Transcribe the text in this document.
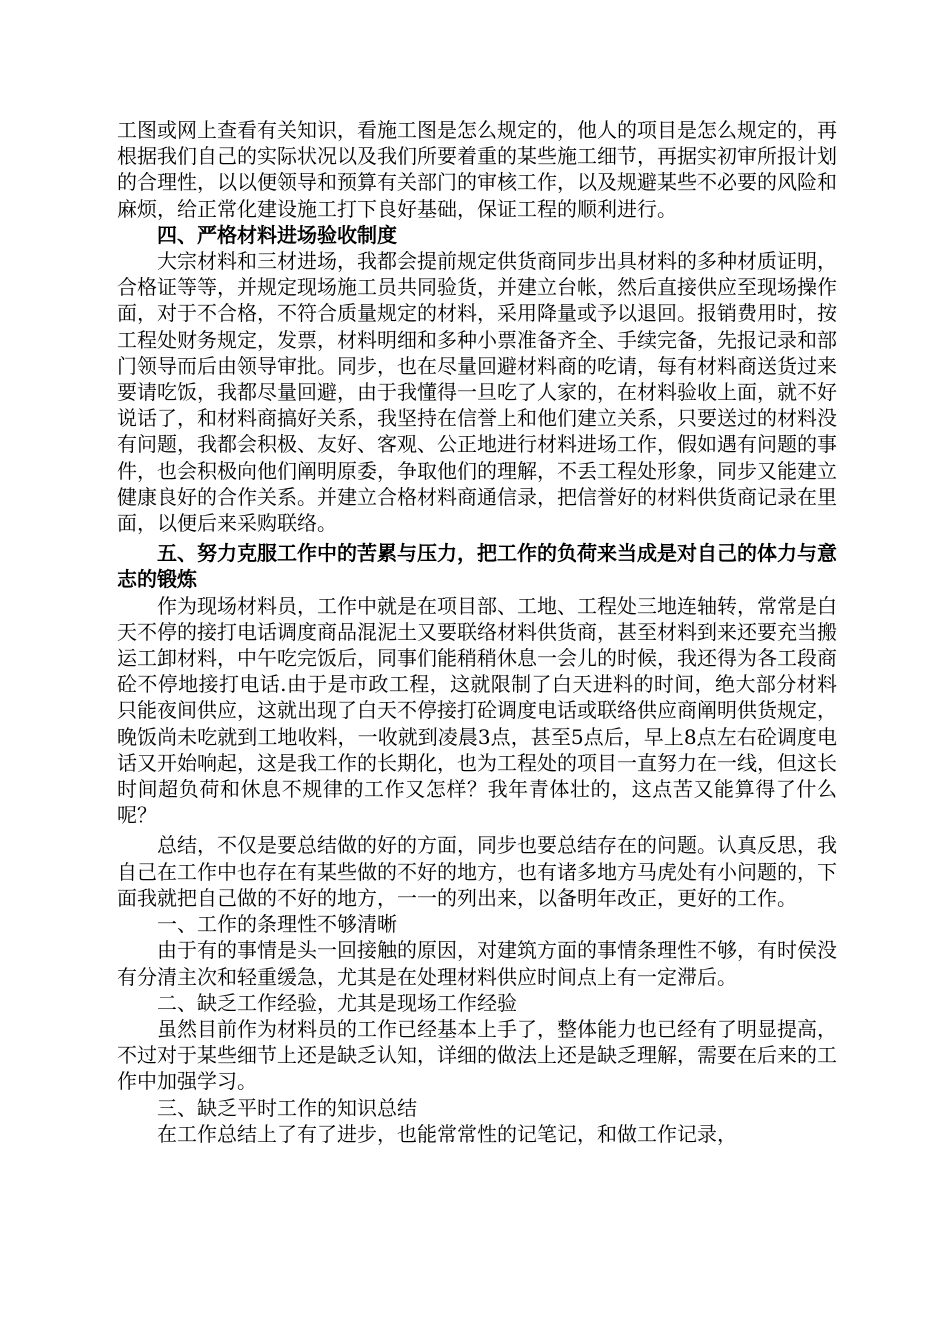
工图或网上查看有关知识，看施工图是怎么规定的，他人的项目是怎么规定的，再根据我们自己的实际状况以及我们所要着重的某些施工细节，再据实初审所报计划的合理性，以以便领导和预算有关部门的审核工作，以及规避某些不必要的风险和麻烦，给正常化建设施工打下良好基础，保证工程的顺利进行。

四、严格材料进场验收制度

大宗材料和三材进场，我都会提前规定供货商同步出具材料的多种材质证明，合格证等等，并规定现场施工员共同验货，并建立台帐，然后直接供应至现场操作面，对于不合格，不符合质量规定的材料，采用降量或予以退回。报销费用时，按工程处财务规定，发票，材料明细和多种小票准备齐全、手续完备，先报记录和部门领导而后由领导审批。同步，也在尽量回避材料商的吃请，每有材料商送货过来要请吃饭，我都尽量回避，由于我懂得一旦吃了人家的，在材料验收上面，就不好说话了，和材料商搞好关系，我坚持在信誉上和他们建立关系，只要送过的材料没有问题，我都会积极、友好、客观、公正地进行材料进场工作，假如遇有问题的事件，也会积极向他们阐明原委，争取他们的理解，不丢工程处形象，同步又能建立健康良好的合作关系。并建立合格材料商通信录，把信誉好的材料供货商记录在里面，以便后来采购联络。

五、努力克服工作中的苦累与压力，把工作的负荷来当成是对自己的体力与意志的锻炼

作为现场材料员，工作中就是在项目部、工地、工程处三地连轴转，常常是白天不停的接打电话调度商品混泥土又要联络材料供货商，甚至材料到来还要充当搬运工卸材料，中午吃完饭后，同事们能稍稍休息一会儿的时候，我还得为各工段商砼不停地接打电话.由于是市政工程，这就限制了白天进料的时间，绝大部分材料只能夜间供应，这就出现了白天不停接打砼调度电话或联络供应商阐明供货规定，晚饭尚未吃就到工地收料，一收就到凌晨3点，甚至5点后，早上8点左右砼调度电话又开始响起，这是我工作的长期化，也为工程处的项目一直努力在一线，但这长时间超负荷和休息不规律的工作又怎样？我年青体壮的，这点苦又能算得了什么呢？

总结，不仅是要总结做的好的方面，同步也要总结存在的问题。认真反思，我自己在工作中也存在有某些做的不好的地方，也有诸多地方马虎处有小问题的，下面我就把自己做的不好的地方，一一的列出来，以备明年改正，更好的工作。

一、工作的条理性不够清晰

由于有的事情是头一回接触的原因，对建筑方面的事情条理性不够，有时侯没有分清主次和轻重缓急，尤其是在处理材料供应时间点上有一定滞后。

二、缺乏工作经验，尤其是现场工作经验

虽然目前作为材料员的工作已经基本上手了，整体能力也已经有了明显提高，不过对于某些细节上还是缺乏认知，详细的做法上还是缺乏理解，需要在后来的工作中加强学习。

三、缺乏平时工作的知识总结

在工作总结上了有了进步，也能常常性的记笔记，和做工作记录，
